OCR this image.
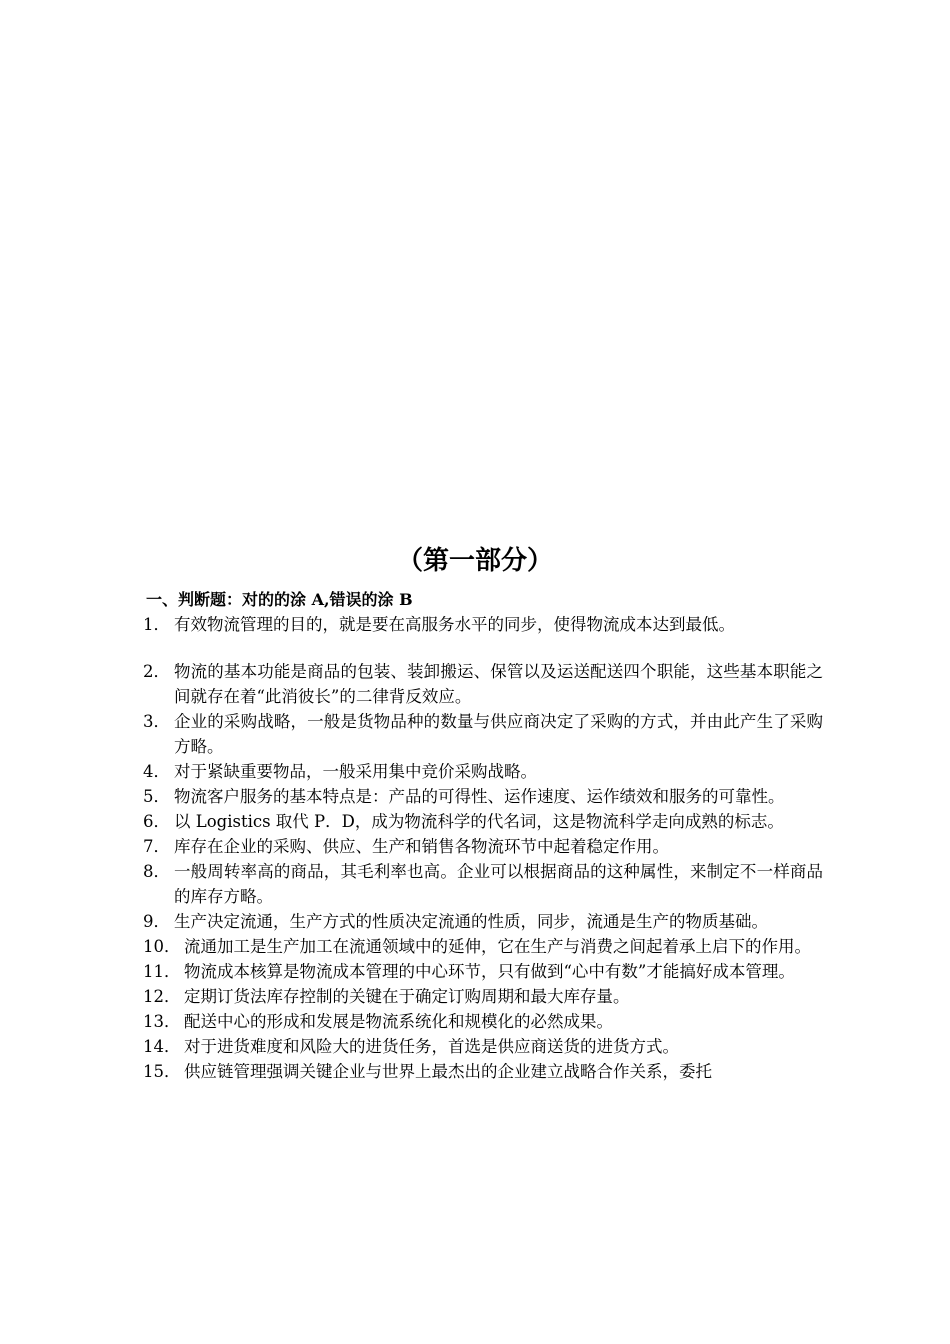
（第一部分）
一、判断题：对的的涂 A,错误的涂 B
1． 有效物流管理的目的，就是要在高服务水平的同步，使得物流成本达到最低。
2． 物流的基本功能是商品的包装、装卸搬运、保管以及运送配送四个职能，这些基本职能之间就存在着“此消彼长”的二律背反效应。
3． 企业的采购战略，一般是货物品种的数量与供应商决定了采购的方式，并由此产生了采购方略。
4． 对于紧缺重要物品，一般采用集中竞价采购战略。
5． 物流客户服务的基本特点是：产品的可得性、运作速度、运作绩效和服务的可靠性。
6． 以 Logistics 取代 P．D，成为物流科学的代名词，这是物流科学走向成熟的标志。
7． 库存在企业的采购、供应、生产和销售各物流环节中起着稳定作用。
8． 一般周转率高的商品，其毛利率也高。企业可以根据商品的这种属性，来制定不一样商品的库存方略。
9． 生产决定流通，生产方式的性质决定流通的性质，同步，流通是生产的物质基础。
10． 流通加工是生产加工在流通领域中的延伸，它在生产与消费之间起着承上启下的作用。
11． 物流成本核算是物流成本管理的中心环节，只有做到“心中有数”才能搞好成本管理。
12． 定期订货法库存控制的关键在于确定订购周期和最大库存量。
13． 配送中心的形成和发展是物流系统化和规模化的必然成果。
14． 对于进货难度和风险大的进货任务，首选是供应商送货的进货方式。
15． 供应链管理强调关键企业与世界上最杰出的企业建立战略合作关系，委托
